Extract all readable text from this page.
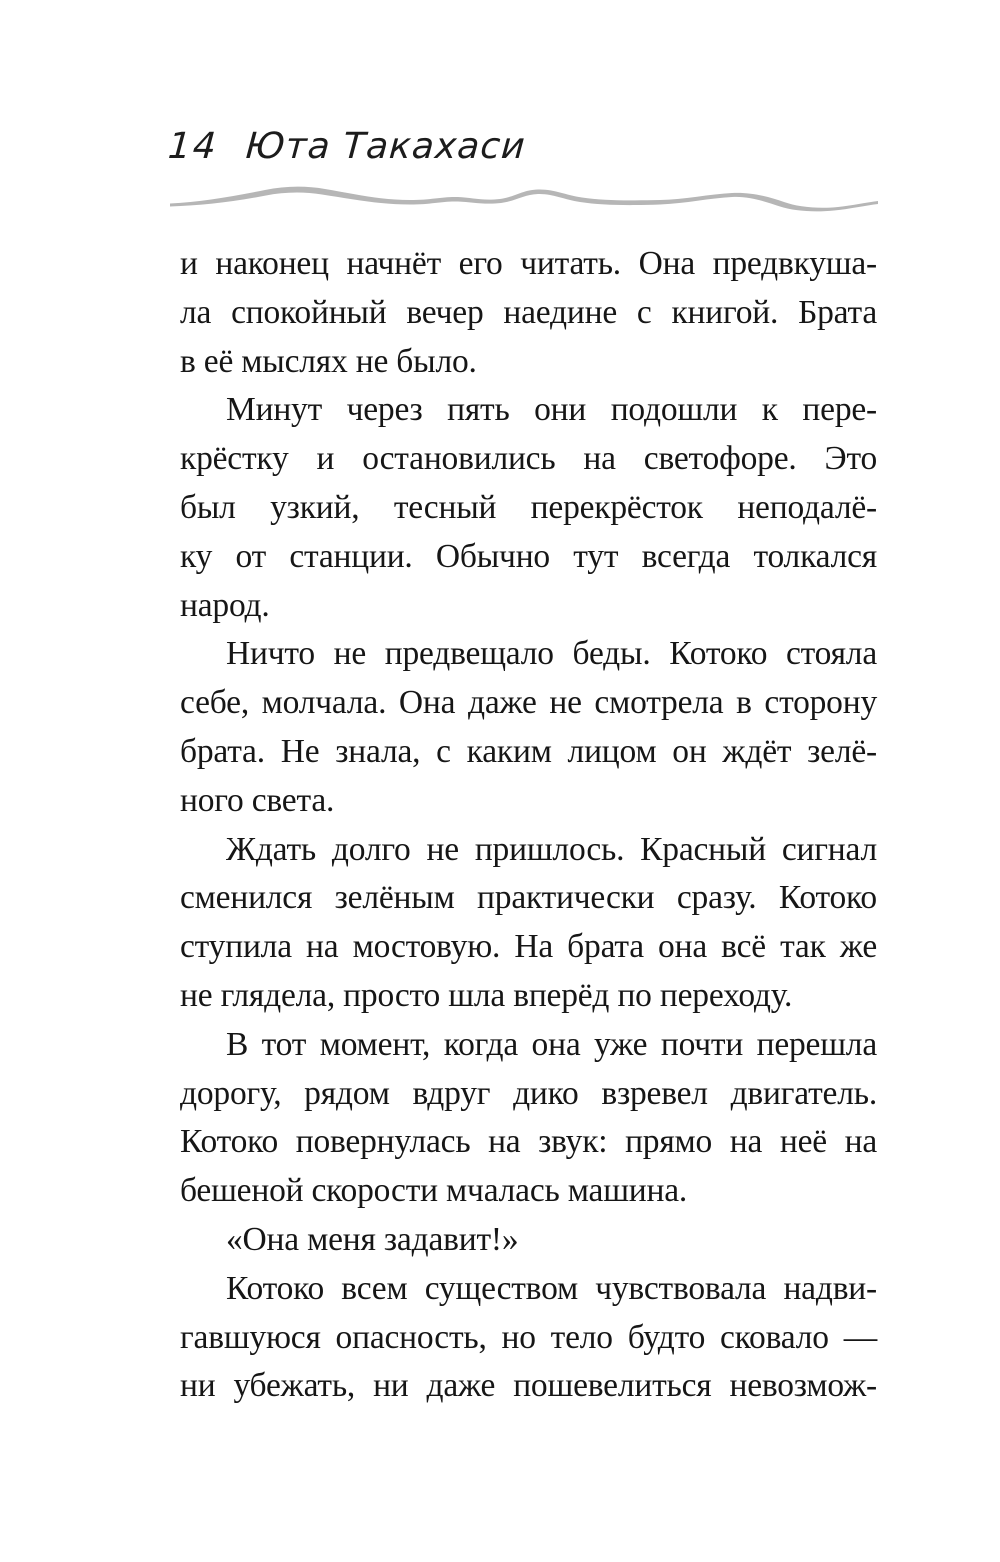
14 Юта Такахаси
и наконец начнёт его читать. Она предвкуша-
ла спокойный вечер наедине с книгой. Брата
в её мыслях не было.
Минут через пять они подошли к пере-
крёстку и остановились на светофоре. Это
был узкий, тесный перекрёсток неподалё-
ку от станции. Обычно тут всегда толкался
народ.
Ничто не предвещало беды. Котоко стояла
себе, молчала. Она даже не смотрела в сторону
брата. Не знала, с каким лицом он ждёт зелё-
ного света.
Ждать долго не пришлось. Красный сигнал
сменился зелёным практически сразу. Котоко
ступила на мостовую. На брата она всё так же
не глядела, просто шла вперёд по переходу.
В тот момент, когда она уже почти перешла
дорогу, рядом вдруг дико взревел двигатель.
Котоко повернулась на звук: прямо на неё на
бешеной скорости мчалась машина.
«Она меня задавит!»
Котоко всем существом чувствовала надви-
гавшуюся опасность, но тело будто сковало —
ни убежать, ни даже пошевелиться невозмож-
